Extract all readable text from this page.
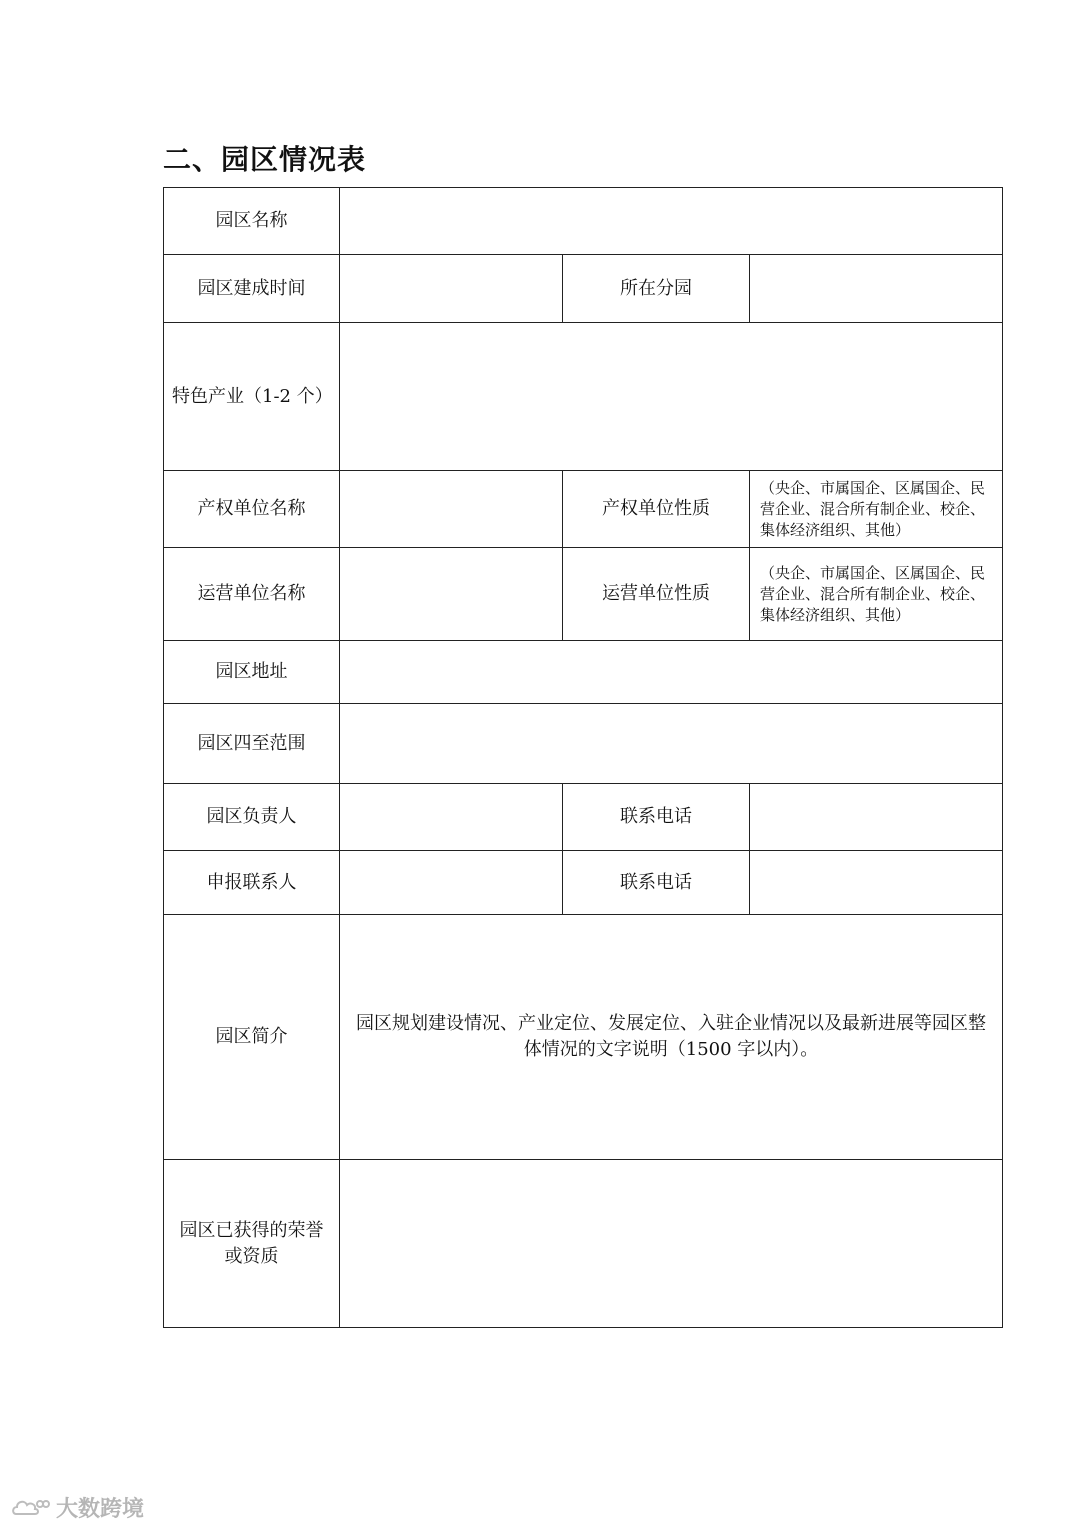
二、园区情况表
园区名称			

园区建成时间		所在分园	

特色产业（1-2 个）			

产权单位名称		产权单位性质	（央企、市属国企、区属国企、民营企业、混合所有制企业、校企、集体经济组织、其他）
运营单位名称		运营单位性质	（央企、市属国企、区属国企、民营企业、混合所有制企业、校企、集体经济组织、其他）
园区地址			

园区四至范围			

园区负责人		联系电话	

申报联系人		联系电话	

园区简介	园区规划建设情况、产业定位、发展定位、入驻企业情况以及最新进展等园区整体情况的文字说明（1500 字以内）。		
园区已获得的荣誉
或资质			
大数跨境
